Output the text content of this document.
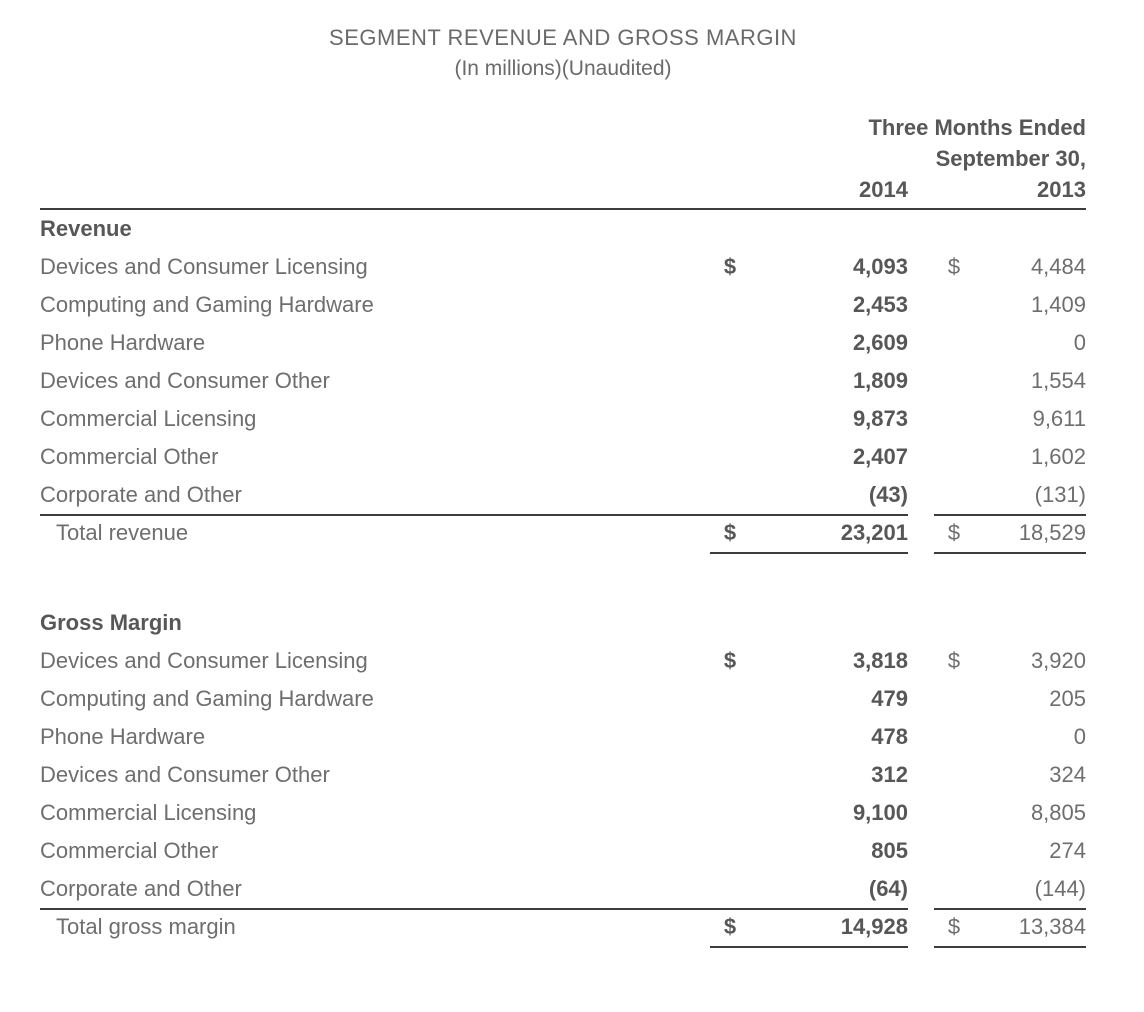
SEGMENT REVENUE AND GROSS MARGIN
(In millions)(Unaudited)
Three Months Ended
September 30,
2014	2013
Revenue
Devices and Consumer Licensing	$	4,093	$	4,484
Computing and Gaming Hardware	2,453	1,409
Phone Hardware	2,609	0
Devices and Consumer Other	1,809	1,554
Commercial Licensing	9,873	9,611
Commercial Other	2,407	1,602
Corporate and Other	(43)	(131)
Total revenue	$	23,201	$	18,529
Gross Margin
Devices and Consumer Licensing	$	3,818	$	3,920
Computing and Gaming Hardware	479	205
Phone Hardware	478	0
Devices and Consumer Other	312	324
Commercial Licensing	9,100	8,805
Commercial Other	805	274
Corporate and Other	(64)	(144)
Total gross margin	$	14,928	$	13,384
